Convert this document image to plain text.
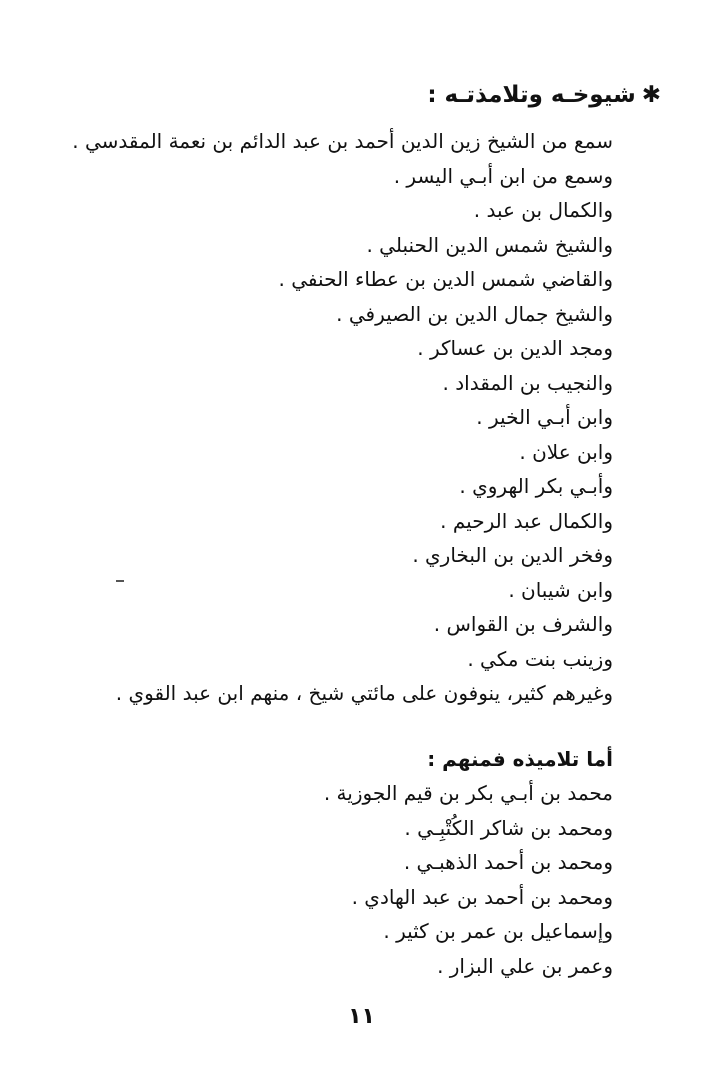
✱شيوخـه وتلامذتـه :
سمع من الشيخ زين الدين أحمد بن عبد الدائم بن نعمة المقدسي .
وسمع من ابن أبـي اليسر .
والكمال بن عبد .
والشيخ شمس الدين الحنبلي .
والقاضي شمس الدين بن عطاء الحنفي .
والشيخ جمال الدين بن الصيرفي .
ومجد الدين بن عساكر .
والنجيب بن المقداد .
وابن أبـي الخير .
وابن علان .
وأبـي بكر الهروي .
والكمال عبد الرحيم .
وفخر الدين بن البخاري .
وابن شيبان .
والشرف بن القواس .
وزينب بنت مكي .
وغيرهم كثير، ينوفون على مائتي شيخ ، منهم ابن عبد القوي .
أما تلاميذه فمنهم :
محمد بن أبـي بكر بن قيم الجوزية .
ومحمد بن شاكر الكُتْبِـي .
ومحمد بن أحمد الذهبـي .
ومحمد بن أحمد بن عبد الهادي .
وإسماعيل بن عمر بن كثير .
وعمر بن علي البزار .
١١
